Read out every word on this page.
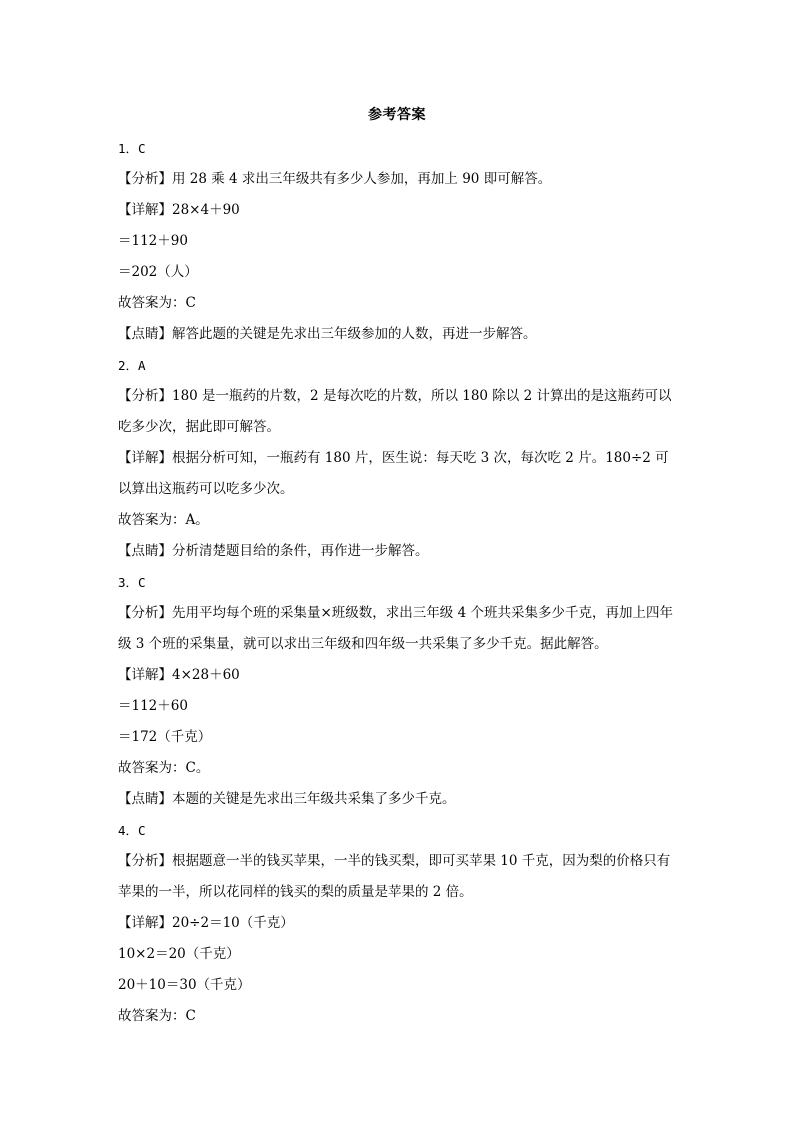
参考答案
1．C
【分析】用 28 乘 4 求出三年级共有多少人参加，再加上 90 即可解答。
【详解】28×4＋90
＝112＋90
＝202（人）
故答案为：C
【点睛】解答此题的关键是先求出三年级参加的人数，再进一步解答。
2．A
【分析】180 是一瓶药的片数，2 是每次吃的片数，所以 180 除以 2 计算出的是这瓶药可以吃多少次，据此即可解答。
【详解】根据分析可知，一瓶药有 180 片，医生说：每天吃 3 次，每次吃 2 片。180÷2 可以算出这瓶药可以吃多少次。
故答案为：A。
【点睛】分析清楚题目给的条件，再作进一步解答。
3．C
【分析】先用平均每个班的采集量×班级数，求出三年级 4 个班共采集多少千克，再加上四年级 3 个班的采集量，就可以求出三年级和四年级一共采集了多少千克。据此解答。
【详解】4×28＋60
＝112＋60
＝172（千克）
故答案为：C。
【点睛】本题的关键是先求出三年级共采集了多少千克。
4．C
【分析】根据题意一半的钱买苹果，一半的钱买梨，即可买苹果 10 千克，因为梨的价格只有苹果的一半，所以花同样的钱买的梨的质量是苹果的 2 倍。
【详解】20÷2＝10（千克）
10×2＝20（千克）
20＋10＝30（千克）
故答案为：C
